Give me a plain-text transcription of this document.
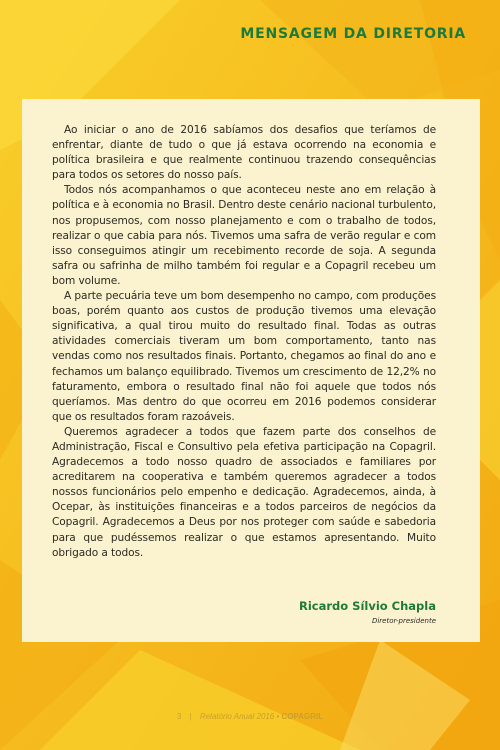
MENSAGEM DA DIRETORIA

Ao iniciar o ano de 2016 sabíamos dos desafios que teríamos de enfrentar, diante de tudo o que já estava ocorrendo na economia e política brasileira e que realmente continuou trazendo consequências para todos os setores do nosso país.

Todos nós acompanhamos o que aconteceu neste ano em relação à política e à economia no Brasil. Dentro deste cenário nacional turbulento, nos propusemos, com nosso planejamento e com o trabalho de todos, realizar o que cabia para nós. Tivemos uma safra de verão regular e com isso conseguimos atingir um recebimento recorde de soja. A segunda safra ou safrinha de milho também foi regular e a Copagril recebeu um bom volume.

A parte pecuária teve um bom desempenho no campo, com produções boas, porém quanto aos custos de produção tivemos uma elevação significativa, a qual tirou muito do resultado final. Todas as outras atividades comerciais tiveram um bom comportamento, tanto nas vendas como nos resultados finais. Portanto, chegamos ao final do ano e fechamos um balanço equilibrado. Tivemos um crescimento de 12,2% no faturamento, embora o resultado final não foi aquele que todos nós queríamos. Mas dentro do que ocorreu em 2016 podemos considerar que os resultados foram razoáveis.

Queremos agradecer a todos que fazem parte dos conselhos de Administração, Fiscal e Consultivo pela efetiva participação na Copagril. Agradecemos a todo nosso quadro de associados e familiares por acreditarem na cooperativa e também queremos agradecer a todos nossos funcionários pelo empenho e dedicação. Agradecemos, ainda, à Ocepar, às instituições financeiras e a todos parceiros de negócios da Copagril. Agradecemos a Deus por nos proteger com saúde e sabedoria para que pudéssemos realizar o que estamos apresentando. Muito obrigado a todos.

Ricardo Sílvio Chapla
Diretor-presidente
3 | Relatório Anual 2016 • COPAGRIL
